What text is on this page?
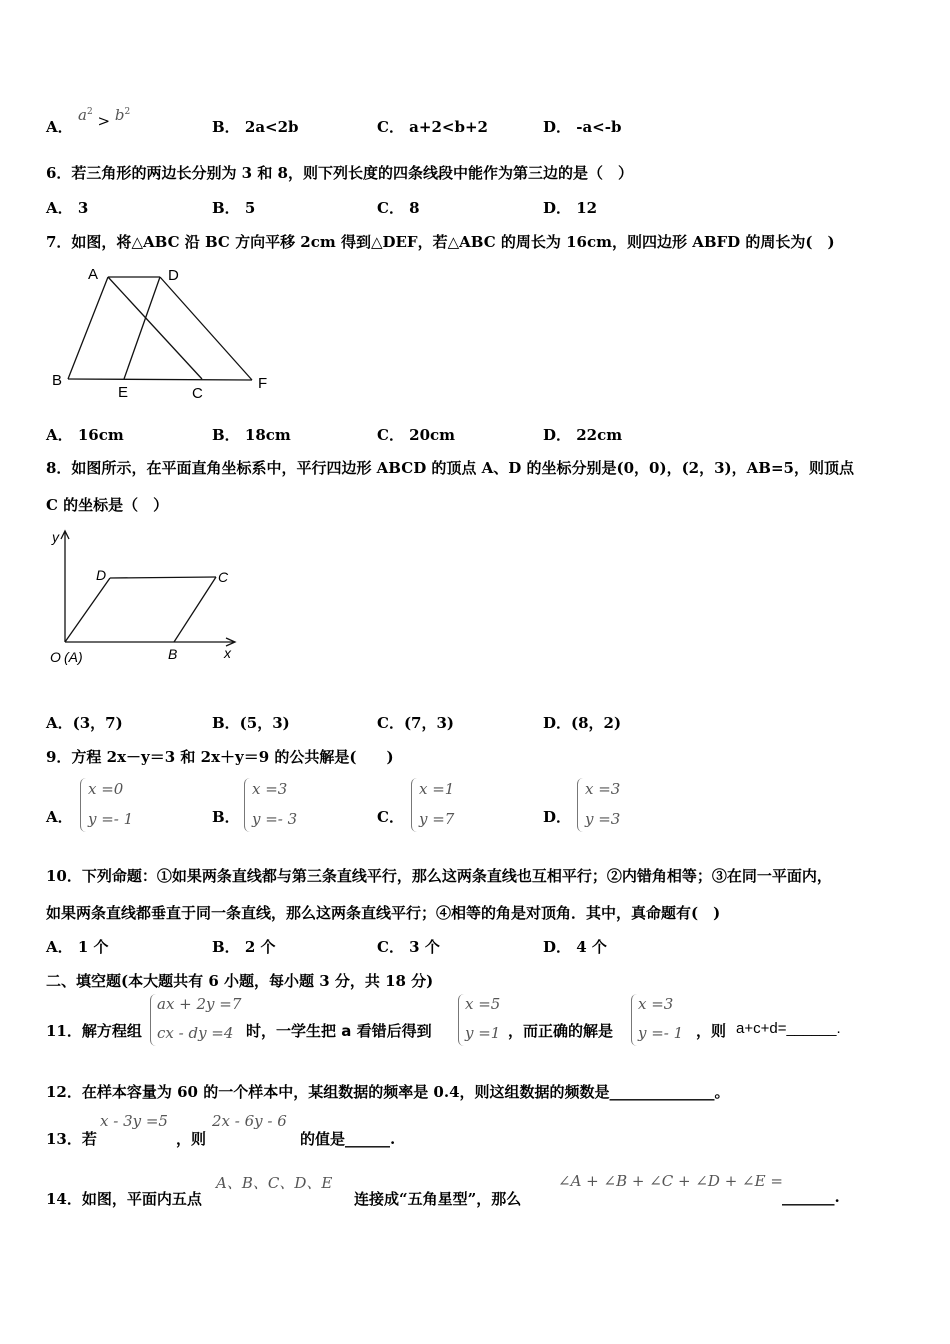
A．
$a^2 > b^2$
B． 2a<2b	C． a+2<b+2	D． -a<-b
6．若三角形的两边长分别为 3 和 8，则下列长度的四条线段中能作为第三边的是（　）
A． 3	B． 5	C． 8	D． 12
7．如图，将△ABC 沿 BC 方向平移 2cm 得到△DEF，若△ABC 的周长为 16cm，则四边形 ABFD 的周长为(　)
A	D
B
E	C
F
A． 16cm	B． 18cm	C． 20cm	D． 22cm
8．如图所示，在平面直角坐标系中，平行四边形 ABCD 的顶点 A、D 的坐标分别是(0，0)，(2，3)，AB=5，则顶点
C 的坐标是（　）
y
x
D	C
O (A)	B
A．(3，7)	B．(5，3)	C．(7，3)	D．(8，2)
9．方程 2x－y＝3 和 2x＋y＝9 的公共解是(　　)
A．
x =0
y =- 1	B．
x =3
y =- 3	C．
x =1
y =7	D．
x =3
y =3
10．下列命题：①如果两条直线都与第三条直线平行，那么这两条直线也互相平行；②内错角相等；③在同一平面内，
如果两条直线都垂直于同一条直线，那么这两条直线平行；④相等的角是对顶角．其中，真命题有(　)
A． 1 个	B． 2 个	C． 3 个	D． 4 个
二、填空题(本大题共有 6 小题，每小题 3 分，共 18 分)
11．解方程组
ax + 2y =7
cx - dy =4 时，一学生把 a 看错后得到
x =5
y =1 ，而正确的解是
x =3
y =- 1 ，则 a+c+d=______.
12．在样本容量为 60 的一个样本中，某组数据的频率是 0.4，则这组数据的频数是______________。
13．若
x - 3y =5
，则
2x - 6y - 6
的值是______.
14．如图，平面内五点
A、B、C、D、E
连接成“五角星型”，那么
∠A + ∠B + ∠C + ∠D + ∠E =
_______.
